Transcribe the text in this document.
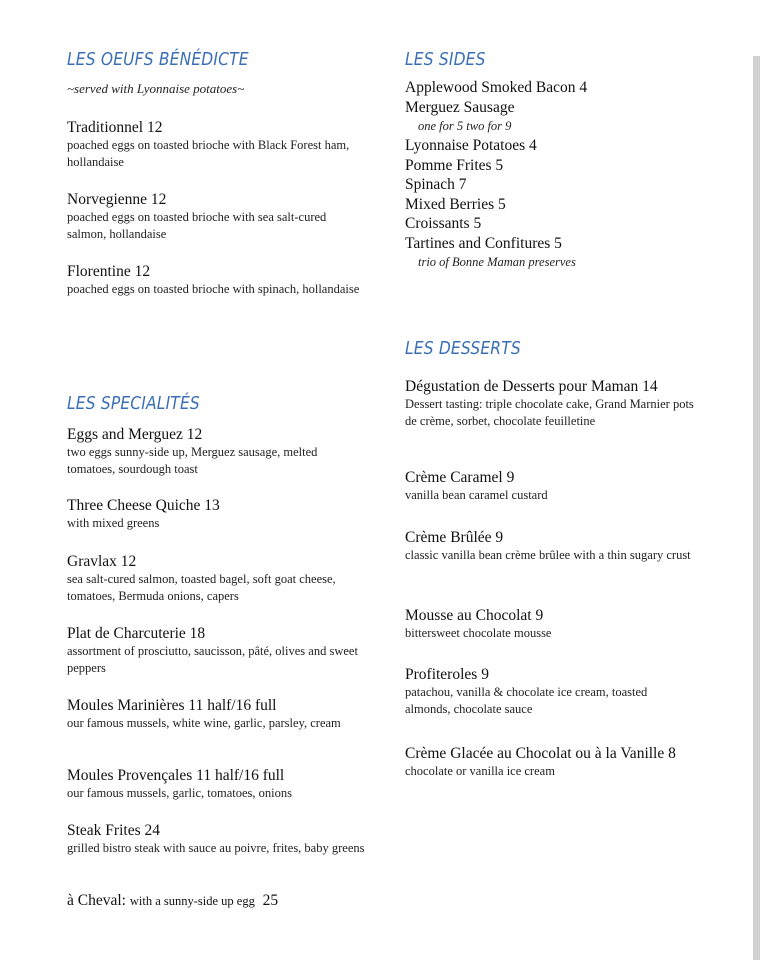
LES OEUFS BÉNÉDICTE
~served with Lyonnaise potatoes~
Traditionnel 12
poached eggs on toasted brioche with Black Forest ham, hollandaise
Norvegienne 12
poached eggs on toasted brioche with sea salt-cured salmon, hollandaise
Florentine 12
poached eggs on toasted brioche with spinach, hollandaise
LES SPECIALITÉS
Eggs and Merguez 12
two eggs sunny-side up, Merguez sausage, melted tomatoes, sourdough toast
Three Cheese Quiche 13
with mixed greens
Gravlax 12
sea salt-cured salmon, toasted bagel, soft goat cheese, tomatoes, Bermuda onions, capers
Plat de Charcuterie 18
assortment of prosciutto, saucisson, pâté, olives and sweet peppers
Moules Marinières 11 half/16 full
our famous mussels, white wine, garlic, parsley, cream
Moules Provençales 11 half/16 full
our famous mussels, garlic, tomatoes, onions
Steak Frites 24
grilled bistro steak with sauce au poivre, frites, baby greens
à Cheval: with a sunny-side up egg 25
LES SIDES
Applewood Smoked Bacon 4
Merguez Sausage
one for 5 two for 9
Lyonnaise Potatoes 4
Pomme Frites 5
Spinach 7
Mixed Berries 5
Croissants 5
Tartines and Confitures 5
trio of Bonne Maman preserves
LES DESSERTS
Dégustation de Desserts pour Maman 14
Dessert tasting: triple chocolate cake, Grand Marnier pots de crème, sorbet, chocolate feuilletine
Crème Caramel 9
vanilla bean caramel custard
Crème Brûlée 9
classic vanilla bean crème brûlee with a thin sugary crust
Mousse au Chocolat 9
bittersweet chocolate mousse
Profiteroles 9
patachou, vanilla & chocolate ice cream, toasted almonds, chocolate sauce
Crème Glacée au Chocolat ou à la Vanille 8
chocolate or vanilla ice cream
